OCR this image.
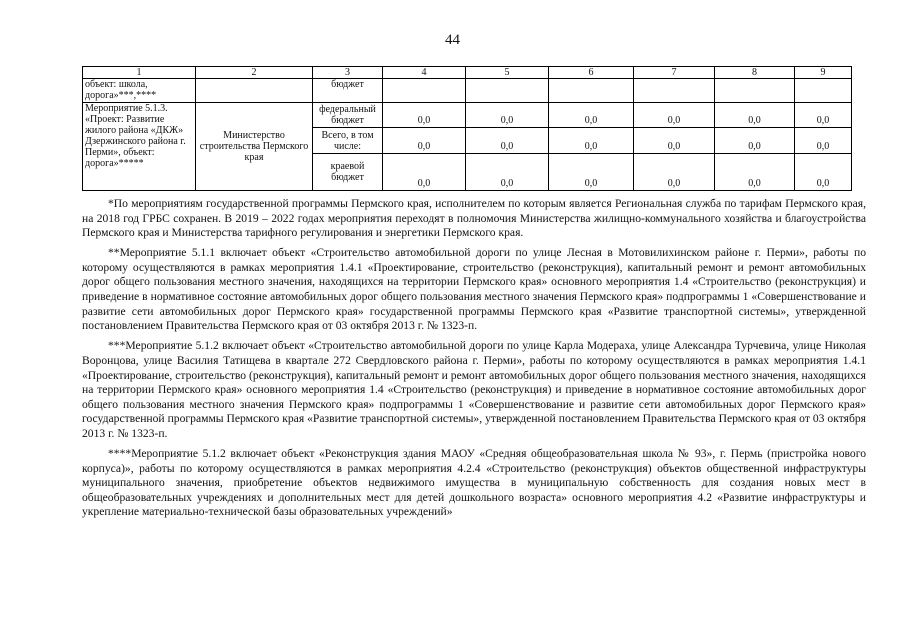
44
1	2	3	4	5	6	7	8	9
объект: школа, дорога»***,****		бюджет						
Мероприятие 5.1.3. «Проект: Развитие жилого района «ДКЖ» Дзержинского района г. Перми», объект: дорога»*****	Министерство строительства Пермского края	федеральный бюджет	0,0	0,0	0,0	0,0	0,0	0,0
		Всего, в том числе:	0,0	0,0	0,0	0,0	0,0	0,0
		краевой бюджет	0,0	0,0	0,0	0,0	0,0	0,0

*По мероприятиям государственной программы Пермского края, исполнителем по которым является Региональная служба по тарифам Пермского края, на 2018 год ГРБС сохранен. В 2019 – 2022 годах мероприятия переходят в полномочия Министерства жилищно-коммунального хозяйства и благоустройства Пермского края и Министерства тарифного регулирования и энергетики Пермского края.

**Мероприятие 5.1.1 включает объект «Строительство автомобильной дороги по улице Лесная в Мотовилихинском районе г. Перми», работы по которому осуществляются в рамках мероприятия 1.4.1 «Проектирование, строительство (реконструкция), капитальный ремонт и ремонт автомобильных дорог общего пользования местного значения, находящихся на территории Пермского края» основного мероприятия 1.4 «Строительство (реконструкция) и приведение в нормативное состояние автомобильных дорог общего пользования местного значения Пермского края» подпрограммы 1 «Совершенствование и развитие сети автомобильных дорог Пермского края» государственной программы Пермского края «Развитие транспортной системы», утвержденной постановлением Правительства Пермского края от 03 октября 2013 г. № 1323-п.

***Мероприятие 5.1.2 включает объект «Строительство автомобильной дороги по улице Карла Модераха, улице Александра Турчевича, улице Николая Воронцова, улице Василия Татищева в квартале 272 Свердловского района г. Перми», работы по которому осуществляются в рамках мероприятия 1.4.1 «Проектирование, строительство (реконструкция), капитальный ремонт и ремонт автомобильных дорог общего пользования местного значения, находящихся на территории Пермского края» основного мероприятия 1.4 «Строительство (реконструкция) и приведение в нормативное состояние автомобильных дорог общего пользования местного значения Пермского края» подпрограммы 1 «Совершенствование и развитие сети автомобильных дорог Пермского края» государственной программы Пермского края «Развитие транспортной системы», утвержденной постановлением Правительства Пермского края от 03 октября 2013 г. № 1323-п.

****Мероприятие 5.1.2 включает объект «Реконструкция здания МАОУ «Средняя общеобразовательная школа № 93», г. Пермь (пристройка нового корпуса)», работы по которому осуществляются в рамках мероприятия 4.2.4 «Строительство (реконструкция) объектов общественной инфраструктуры муниципального значения, приобретение объектов недвижимого имущества в муниципальную собственность для создания новых мест в общеобразовательных учреждениях и дополнительных мест для детей дошкольного возраста» основного мероприятия 4.2 «Развитие инфраструктуры и укрепление материально-технической базы образовательных учреждений»
